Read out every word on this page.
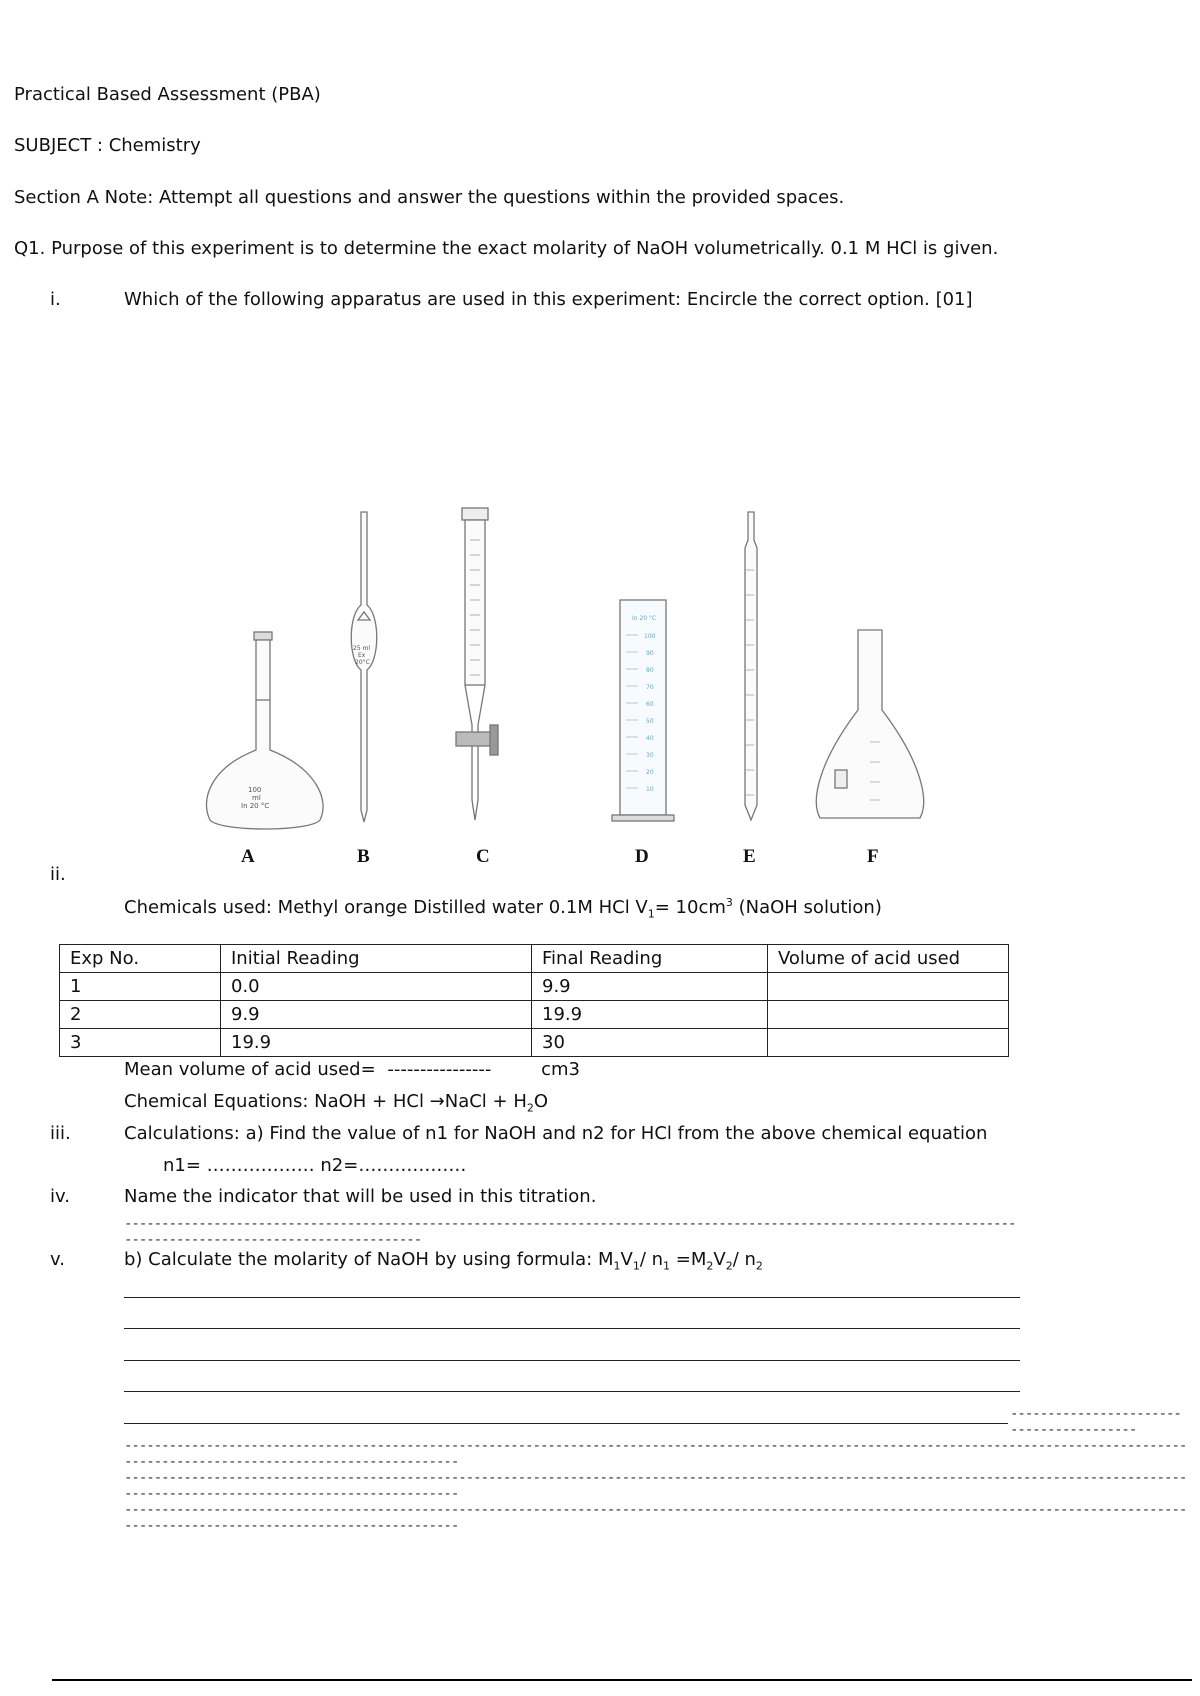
Practical Based Assessment (PBA)
SUBJECT : Chemistry
Section A Note: Attempt all questions and answer the questions within the provided spaces.
Q1. Purpose of this experiment is to determine the exact molarity of NaOH volumetrically. 0.1 M HCl is given.
i.	Which of the following apparatus are used in this experiment: Encircle the correct option. [01]
100
ml
In 20 °C
25 ml
Ex
20°C
In 20 °C
100
90
80
70
60
50
40
30
20
10
A	B	C	D	E	F
ii.
Chemicals used: Methyl orange Distilled water 0.1M HCl $V_1= 10cm^3$ (NaOH solution)
Exp No.	Initial Reading	Final Reading	Volume of acid used
1	0.0	9.9	
2	9.9	19.9	
3	19.9	30	
Mean volume of acid used= ----------------	cm3
Chemical Equations: NaOH + HCl →NaCl + $H_2O$
iii.	Calculations: a) Find the value of n1 for NaOH and n2 for HCl from the above chemical equation
n1= ……………… n2=………………
iv.	Name the indicator that will be used in this titration.
----------------------------------------------------------------------------------------------------------------------------------------------------------------
v.	b) Calculate the molarity of NaOH by using formula: $M_1V_1/$ $n_1 =M_2V_2/$ $n_2$
----------------------------------------
--------------------------------------------------------------------------------------------------------------------------------------------------------------------------------------------
--------------------------------------------------------------------------------------------------------------------------------------------------------------------------------------------
--------------------------------------------------------------------------------------------------------------------------------------------------------------------------------------------
